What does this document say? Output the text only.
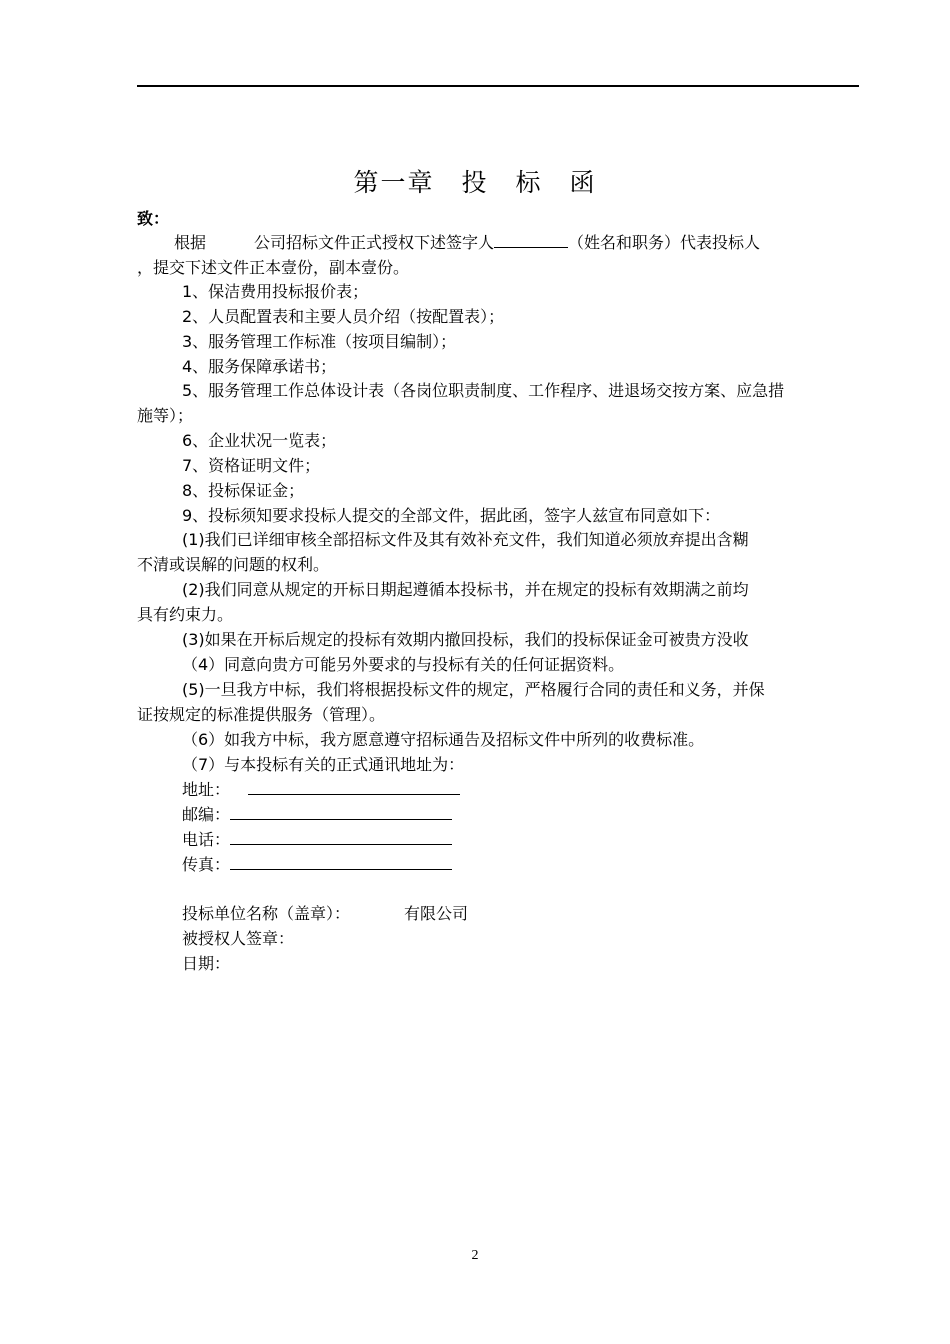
第一章　投　标　函
致：
根据	公司招标文件正式授权下述签字人	（姓名和职务）代表投标人
，提交下述文件正本壹份，副本壹份。
1、保洁费用投标报价表；
2、人员配置表和主要人员介绍（按配置表）；
3、服务管理工作标准（按项目编制）；
4、服务保障承诺书；
5、服务管理工作总体设计表（各岗位职责制度、工作程序、进退场交按方案、应急措
施等）；
6、企业状况一览表；
7、资格证明文件；
8、投标保证金；
9、投标须知要求投标人提交的全部文件，据此函，签字人兹宣布同意如下：
(1)我们已详细审核全部招标文件及其有效补充文件，我们知道必须放弃提出含糊
不清或误解的问题的权利。
(2)我们同意从规定的开标日期起遵循本投标书，并在规定的投标有效期满之前均
具有约束力。
(3)如果在开标后规定的投标有效期内撤回投标，我们的投标保证金可被贵方没收
（4）同意向贵方可能另外要求的与投标有关的任何证据资料。
(5)一旦我方中标，我们将根据投标文件的规定，严格履行合同的责任和义务，并保
证按规定的标准提供服务（管理）。
（6）如我方中标，我方愿意遵守招标通告及招标文件中所列的收费标准。
（7）与本投标有关的正式通讯地址为：
地址：
邮编：
电话：
传真：
投标单位名称（盖章）：	有限公司
被授权人签章：
日期：
2
